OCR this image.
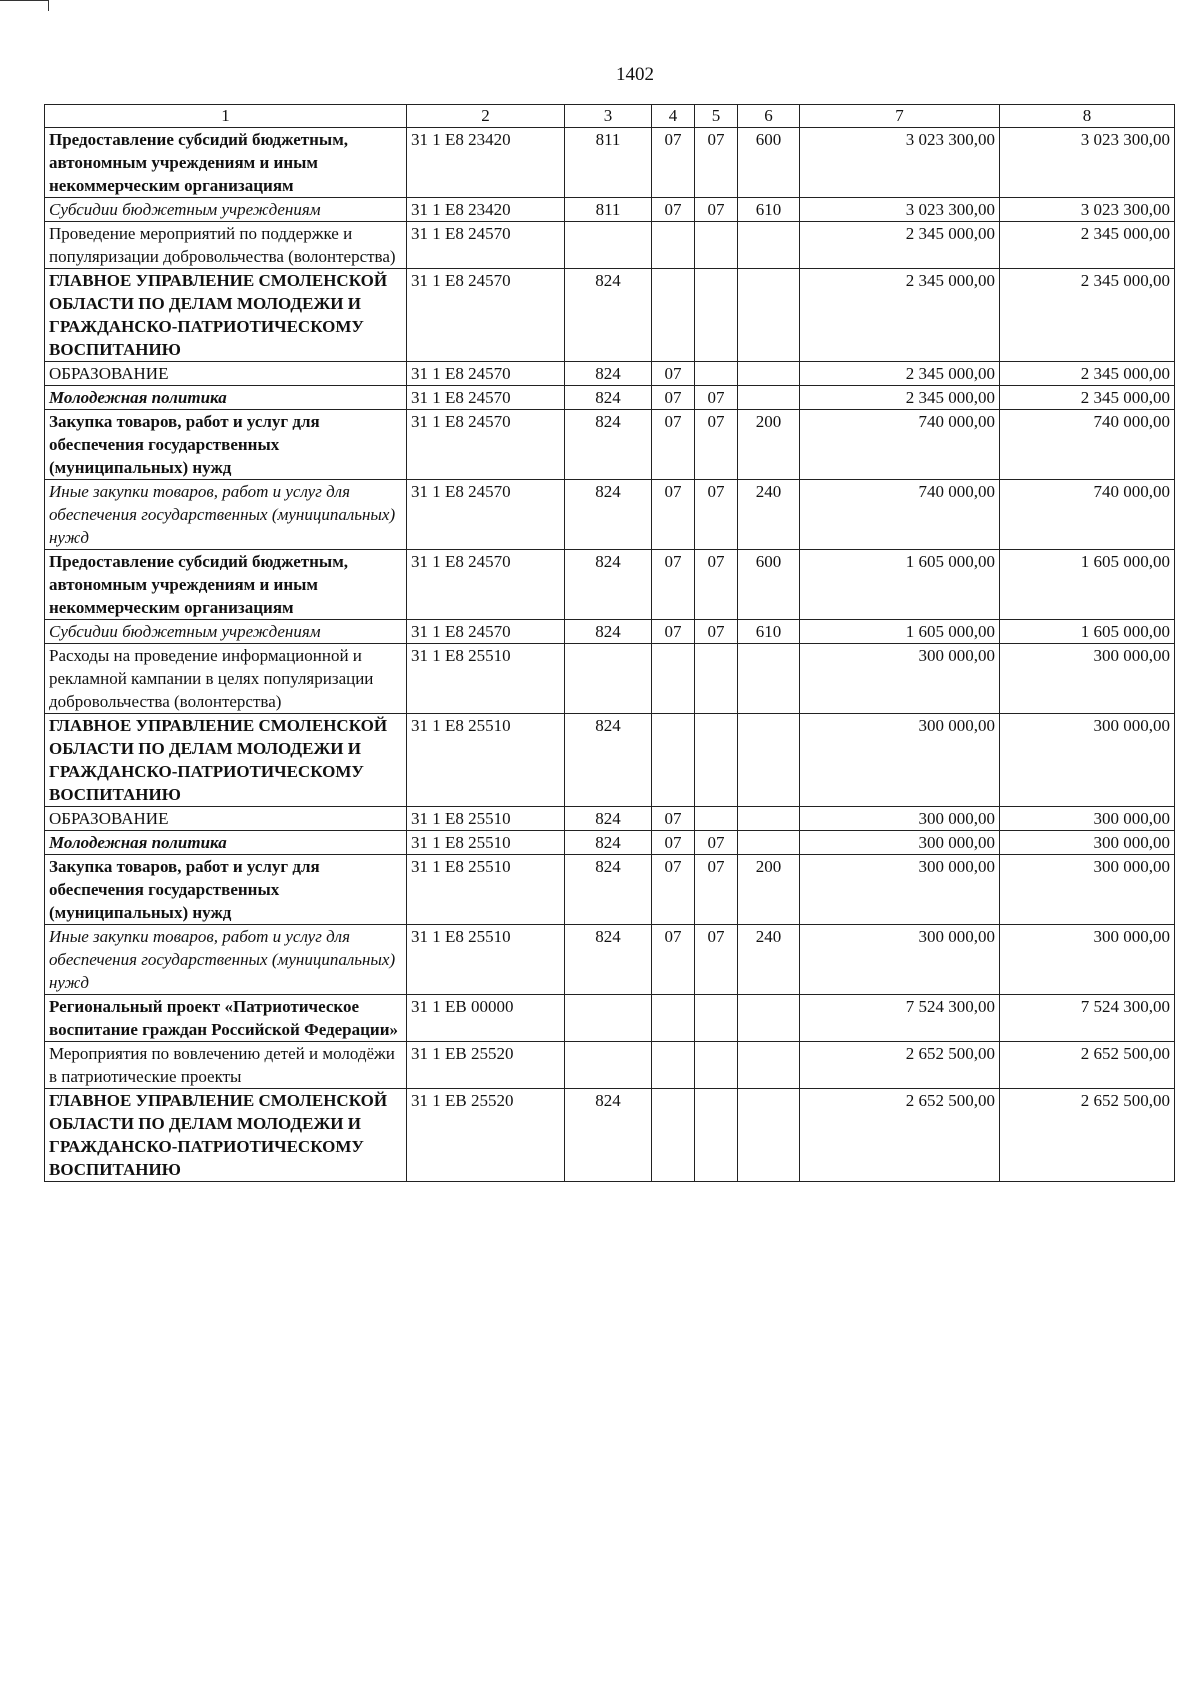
1402
1	2	3	4	5	6	7	8
Предоставление субсидий бюджетным, автономным учреждениям и иным некоммерческим организациям	31 1 E8 23420	811	07	07	600	3 023 300,00	3 023 300,00
Субсидии бюджетным учреждениям	31 1 E8 23420	811	07	07	610	3 023 300,00	3 023 300,00
Проведение мероприятий по поддержке и популяризации добровольчества (волонтерства)	31 1 E8 24570					2 345 000,00	2 345 000,00
ГЛАВНОЕ УПРАВЛЕНИЕ СМОЛЕНСКОЙ ОБЛАСТИ ПО ДЕЛАМ МОЛОДЕЖИ И ГРАЖДАНСКО-ПАТРИОТИЧЕСКОМУ ВОСПИТАНИЮ	31 1 E8 24570	824				2 345 000,00	2 345 000,00
ОБРАЗОВАНИЕ	31 1 E8 24570	824	07			2 345 000,00	2 345 000,00
Молодежная политика	31 1 E8 24570	824	07	07		2 345 000,00	2 345 000,00
Закупка товаров, работ и услуг для обеспечения государственных (муниципальных) нужд	31 1 E8 24570	824	07	07	200	740 000,00	740 000,00
Иные закупки товаров, работ и услуг для обеспечения государственных (муниципальных) нужд	31 1 E8 24570	824	07	07	240	740 000,00	740 000,00
Предоставление субсидий бюджетным, автономным учреждениям и иным некоммерческим организациям	31 1 E8 24570	824	07	07	600	1 605 000,00	1 605 000,00
Субсидии бюджетным учреждениям	31 1 E8 24570	824	07	07	610	1 605 000,00	1 605 000,00
Расходы на проведение информационной и рекламной кампании в целях популяризации добровольчества (волонтерства)	31 1 E8 25510					300 000,00	300 000,00
ГЛАВНОЕ УПРАВЛЕНИЕ СМОЛЕНСКОЙ ОБЛАСТИ ПО ДЕЛАМ МОЛОДЕЖИ И ГРАЖДАНСКО-ПАТРИОТИЧЕСКОМУ ВОСПИТАНИЮ	31 1 E8 25510	824				300 000,00	300 000,00
ОБРАЗОВАНИЕ	31 1 E8 25510	824	07			300 000,00	300 000,00
Молодежная политика	31 1 E8 25510	824	07	07		300 000,00	300 000,00
Закупка товаров, работ и услуг для обеспечения государственных (муниципальных) нужд	31 1 E8 25510	824	07	07	200	300 000,00	300 000,00
Иные закупки товаров, работ и услуг для обеспечения государственных (муниципальных) нужд	31 1 E8 25510	824	07	07	240	300 000,00	300 000,00
Региональный проект «Патриотическое воспитание граждан Российской Федерации»	31 1 EB 00000					7 524 300,00	7 524 300,00
Мероприятия по вовлечению детей и молодёжи в патриотические проекты	31 1 EB 25520					2 652 500,00	2 652 500,00
ГЛАВНОЕ УПРАВЛЕНИЕ СМОЛЕНСКОЙ ОБЛАСТИ ПО ДЕЛАМ МОЛОДЕЖИ И ГРАЖДАНСКО-ПАТРИОТИЧЕСКОМУ ВОСПИТАНИЮ	31 1 EB 25520	824				2 652 500,00	2 652 500,00
